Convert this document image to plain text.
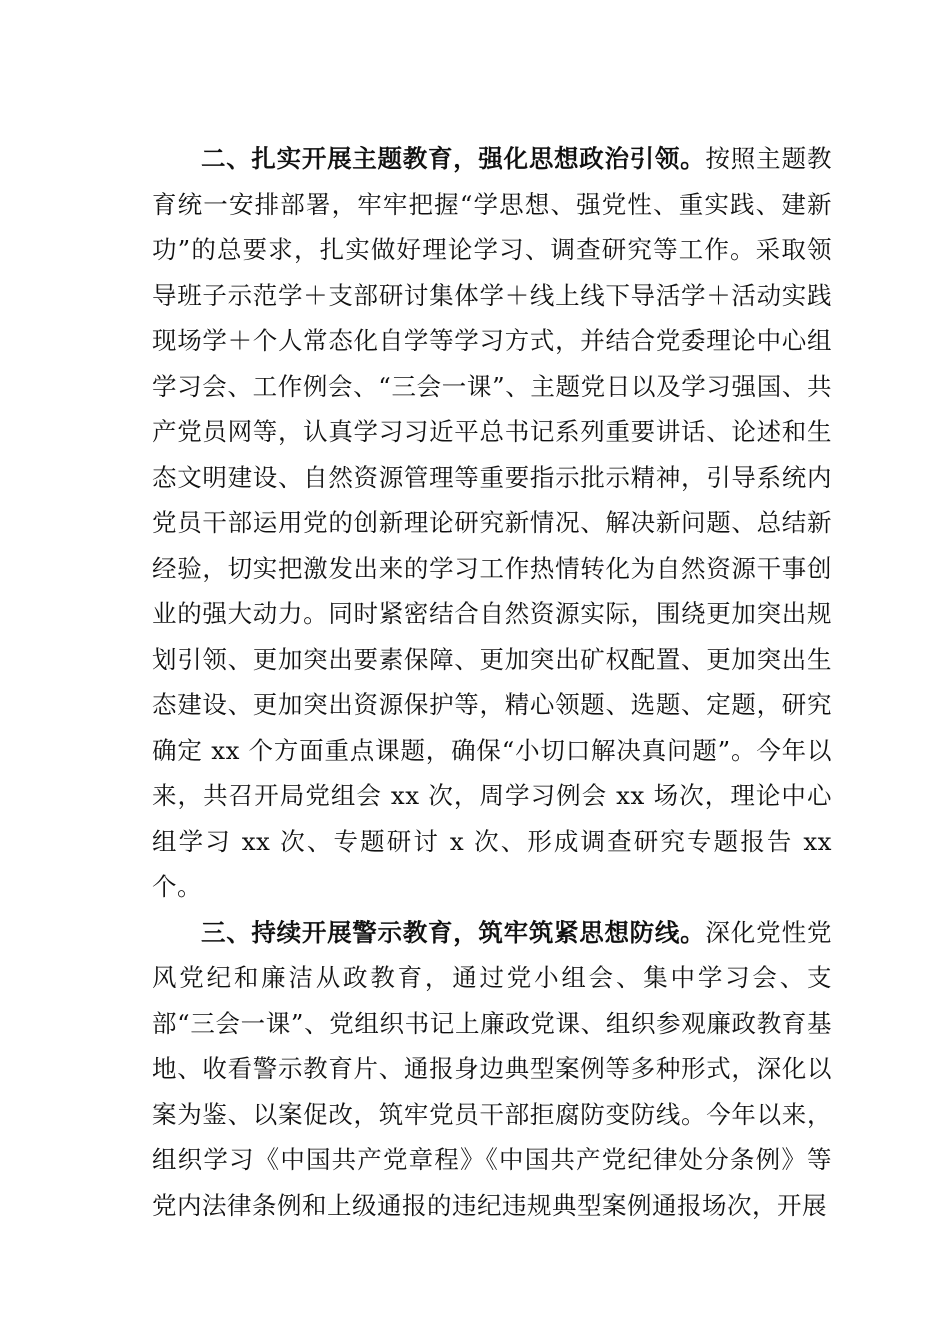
二、扎实开展主题教育，强化思想政治引领。按照主题教育统一安排部署，牢牢把握“学思想、强党性、重实践、建新功”的总要求，扎实做好理论学习、调查研究等工作。采取领导班子示范学＋支部研讨集体学＋线上线下导活学＋活动实践现场学＋个人常态化自学等学习方式，并结合党委理论中心组学习会、工作例会、“三会一课”、主题党日以及学习强国、共产党员网等，认真学习习近平总书记系列重要讲话、论述和生态文明建设、自然资源管理等重要指示批示精神，引导系统内党员干部运用党的创新理论研究新情况、解决新问题、总结新经验，切实把激发出来的学习工作热情转化为自然资源干事创业的强大动力。同时紧密结合自然资源实际，围绕更加突出规划引领、更加突出要素保障、更加突出矿权配置、更加突出生态建设、更加突出资源保护等，精心领题、选题、定题，研究确定 xx 个方面重点课题，确保“小切口解决真问题”。今年以来，共召开局党组会 xx 次，周学习例会 xx 场次，理论中心组学习 xx 次、专题研讨 x 次、形成调查研究专题报告 xx 个。

三、持续开展警示教育，筑牢筑紧思想防线。深化党性党风党纪和廉洁从政教育，通过党小组会、集中学习会、支部“三会一课”、党组织书记上廉政党课、组织参观廉政教育基地、收看警示教育片、通报身边典型案例等多种形式，深化以案为鉴、以案促改，筑牢党员干部拒腐防变防线。今年以来，组织学习《中国共产党章程》《中国共产党纪律处分条例》等党内法律条例和上级通报的违纪违规典型案例通报场次，开展
